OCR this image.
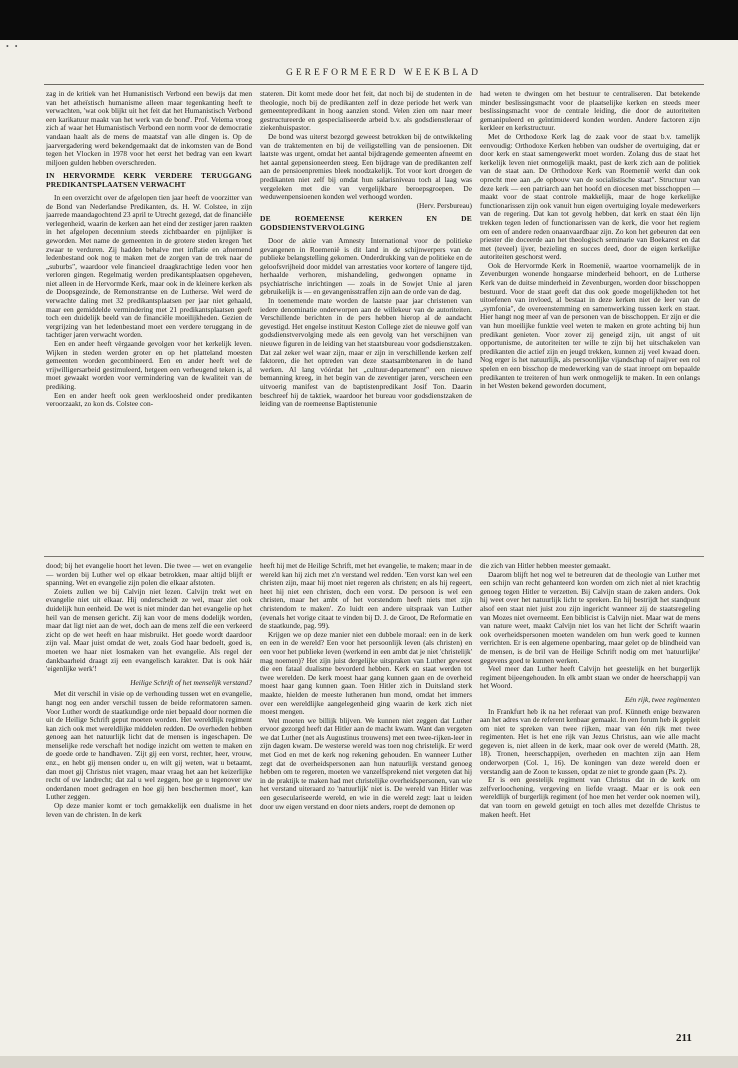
• •
GEREFORMEERD WEEKBLAD

zag in de kritiek van het Humanistisch Verbond een bewijs dat men van het atheïstisch humanisme alleen maar tegenkanting heeft te verwachten, 'wat ook blijkt uit het feit dat het Humanistisch Verbond een karikatuur maakt van het werk van de bond'. Prof. Velema vroeg zich af waar het Humanistisch Verbond een norm voor de democratie vandaan haalt als de mens de maatstaf van alle dingen is. Op de jaarvergadering werd bekendgemaakt dat de inkomsten van de Bond tegen het Vlocken in 1978 voor het eerst het bedrag van een kwart miljoen gulden hebben overschreden.

IN HERVORMDE KERK VERDERE TERUGGANG PREDIKANTSPLAATSEN VERWACHT

In een overzicht over de afgelopen tien jaar heeft de voorzitter van de Bond van Nederlandse Predikanten, ds. H. W. Colstee, in zijn jaarrede maandagochtend 23 april te Utrecht gezegd, dat de financiële verlegenheid, waarin de kerken aan het eind der zestiger jaren raakten in het afgelopen decennium steeds zichtbaarder en pijnlijker is geworden. Met name de gemeenten in de grotere steden kregen 'het zwaar te verduren. Zij hadden behalve met inflatie en afnemend ledenbestand ook nog te maken met de zorgen van de trek naar de „suburbs", waardoor vele financieel draagkrachtige leden voor hen verloren gingen. Regelmatig werden predikantsplaatsen opgeheven, niet alleen in de Hervormde Kerk, maar ook in de kleinere kerken als de Doopsgezinde, de Remonstrantse en de Lutherse. Wel werd de verwachte daling met 32 predikantsplaatsen per jaar niet gehaald, maar een gemiddelde vermindering met 21 predikantsplaatsen geeft toch een duidelijk beeld van de financiële moeilijkheden. Gezien de vergrijzing van het ledenbestand moet een verdere teruggang in de tachtiger jaren verwacht worden.

Een en ander heeft vèrgaande gevolgen voor het kerkelijk leven. Wijken in steden werden groter en op het platteland moesten gemeenten worden gecombineerd. Een en ander heeft wel de vrijwilligersarbeid gestimuleerd, hetgeen een verheugend teken is, al moet gewaakt worden voor vermindering van de kwaliteit van de prediking.

Een en ander heeft ook geen werkloosheid onder predikanten veroorzaakt, zo kon ds. Colstee con-

stateren. Dit komt mede door het feit, dat noch bij de studenten in de theologie, noch bij de predikanten zelf in deze periode het werk van gemeentepredikant in hoog aanzien stond. Velen zien om naar meer gestructureerde en gespecialiseerde arbeid b.v. als godsdienstleraar of ziekenhuispastor.

De bond was uiterst bezorgd geweest betrokken bij de ontwikkeling van de traktementen en bij de veiligstelling van de pensioenen. Dit laatste was urgent, omdat het aantal bijdragende gemeenten afneemt en het aantal gepensioneerden steeg. Een bijdrage van de predikanten zelf aan de pensioenpremies bleek noodzakelijk. Tot voor kort droegen de predikanten niet zelf bij omdat hun salarisniveau toch al laag was vergeleken met die van vergelijkbare beroepsgroepen. De weduwenpensioenen konden wel verhoogd worden.

(Herv. Persbureau)

DE ROEMEENSE KERKEN EN DE GODSDIENSTVERVOLGING

Door de aktie van Amnesty International voor de politieke gevangenen in Roemenië is dit land in de schijnwerpers van de publieke belangstelling gekomen. Onderdrukking van de politieke en de geloofsvrijheid door middel van arrestaties voor kortere of langere tijd, herhaalde verhoren, mishandeling, gedwongen opname in psychiatrische inrichtingen — zoals in de Sowjet Unie al jaren gebruikelijk is — en gevangenisstraffen zijn aan de orde van de dag.

In toenemende mate worden de laatste paar jaar christenen van iedere denominatie onderworpen aan de willekeur van de autoriteiten. Verschillende berichten in de pers hebben hierop al de aandacht gevestigd. Het engelse instituut Keston College ziet de nieuwe golf van godsdienstvervolging mede als een gevolg van het verschijnen van nieuwe figuren in de leiding van het staatsbureau voor godsdienstzaken. Dat zal zeker wel waar zijn, maar er zijn in verschillende kerken zelf faktoren, die het optreden van deze staatsambtenaren in de hand werken. Al lang vóórdat het „cultuur-departement" een nieuwe bemanning kreeg, in het begin van de zeventiger jaren, verscheen een uitvoerig manifest van de baptistenpredikant Josif Ton. Daarin beschreef hij de taktiek, waardoor het bureau voor godsdienstzaken de leiding van de roemeense Baptistenunie

had weten te dwingen om het bestuur te centraliseren. Dat betekende minder beslissingsmacht voor de plaatselijke kerken en steeds meer beslissingsmacht voor de centrale leiding, die door de autoriteiten gemanipuleerd en geïntimideerd konden worden. Andere factoren zijn kerkleer en kerkstructuur.

Met de Orthodoxe Kerk lag de zaak voor de staat b.v. tamelijk eenvoudig: Orthodoxe Kerken hebben van oudsher de overtuiging, dat er door kerk en staat samengewerkt moet worden. Zolang dus de staat het kerkelijk leven niet onmogelijk maakt, past de kerk zich aan de politiek van de staat aan. De Orthodoxe Kerk van Roemenië werkt dan ook oprecht mee aan „de opbouw van de socialistische staat". Structuur van deze kerk — een patriarch aan het hoofd en diocesen met bisschoppen — maakt voor de staat controle makkelijk, maar de hoge kerkelijke functionarissen zijn ook vanuit hun eigen overtuiging loyale medewerkers van de regering. Dat kan tot gevolg hebben, dat kerk en staat één lijn trekken tegen leden of functionarissen van de kerk, die voor het regiem om een of andere reden onaanvaardbaar zijn. Zo kon het gebeuren dat een priester die doceerde aan het theologisch seminarie van Boekarest en dat met (teveel) ijver, bezieling en succes deed, door de eigen kerkelijke autoriteiten geschorst werd.

Ook de Hervormde Kerk in Roemenië, waartoe voornamelijk de in Zevenburgen wonende hongaarse minderheid behoort, en de Lutherse Kerk van de duitse minderheid in Zevenburgen, worden door bisschoppen bestuurd. Voor de staat geeft dat dus ook goede mogelijkheden tot het uitoefenen van invloed, al bestaat in deze kerken niet de leer van de „symfonia", de overeenstemming en samenwerking tussen kerk en staat. Hier hangt nog meer af van de personen van de bisschoppen. Er zijn er die van hun moeilijke funktie veel weten te maken en grote achting bij hun predikant genieten. Voor zover zij geneigd zijn, uit angst of uit opportunisme, de autoriteiten ter wille te zijn bij het uitschakelen van predikanten die actief zijn en jeugd trekken, kunnen zij veel kwaad doen. Nog erger is het natuurlijk, als persoonlijke vijandschap of naijver een rol spelen en een bisschop de medewerking van de staat inroept om bepaalde predikanten te treiteren of hun werk onmogelijk te maken. In een onlangs in het Westen bekend geworden document,

dood; bij het evangelie hoort het leven. Die twee — wet en evangelie — worden bij Luther wel op elkaar betrokken, maar altijd blijft er spanning. Wet en evangelie zijn polen die elkaar afstoten.

Zoiets zullen we bij Calvijn niet lezen. Calvijn trekt wet en evangelie niet uit elkaar. Hij onderscheidt ze wel, maar ziet ook duidelijk hun eenheid. De wet is niet minder dan het evangelie op het heil van de mensen gericht. Zij kan voor de mens dodelijk worden, maar dat ligt niet aan de wet, doch aan de mens zelf die een verkeerd zicht op de wet heeft en haar misbruikt. Het goede wordt daardoor zijn val. Maar juist omdat de wet, zoals God haar bedoelt, goed is, moeten we haar niet losmaken van het evangelie. Als regel der dankbaarheid draagt zij een evangelisch karakter. Dat is ook háár 'eigenlijke werk'!

Heilige Schrift of het menselijk verstand?

Met dit verschil in visie op de verhouding tussen wet en evangelie, hangt nog een ander verschil tussen de beide reformatoren samen. Voor Luther wordt de staatkundige orde niet bepaald door normen die uit de Heilige Schrift geput moeten worden. Het wereldlijk regiment kan zich ook met wereldlijke middelen redden. De overheden hebben genoeg aan het natuurlijk licht dat de mensen is ingeschapen. De menselijke rede verschaft het nodige inzicht om wetten te maken en de goede orde te handhaven. 'Zijt gij een vorst, rechter, heer, vrouw, enz., en hebt gij mensen onder u, en wilt gij weten, wat u betaamt, dan moet gij Christus niet vragen, maar vraag het aan het keizerlijke recht of uw landrecht; dat zal u wel zeggen, hoe ge u tegenover uw onderdanen moet gedragen en hoe gij hen beschermen moet', kan Luther zeggen.

Op deze manier komt er toch gemakkelijk een dualisme in het leven van de christen. In de kerk

heeft hij met de Heilige Schrift, met het evangelie, te maken; maar in de wereld kan hij zich met z'n verstand wel redden. 'Een vorst kan wel een christen zijn, maar hij moet niet regeren als christen; en als hij regeert, heet hij niet een christen, doch een vorst. De persoon is wel een christen, maar het ambt of het vorstendom heeft niets met zijn christendom te maken'. Zo luidt een andere uitspraak van Luther (evenals het vorige citaat te vinden bij D. J. de Groot, De Reformatie en de staatkunde, pag. 99).

Krijgen we op deze manier niet een dubbele moraal: een in de kerk en een in de wereld? Een voor het persoonlijk leven (als christen) en een voor het publieke leven (werkend in een ambt dat je niet 'christelijk' mag noemen)? Het zijn juist dergelijke uitspraken van Luther geweest die een fataal dualisme bevorderd hebben. Kerk en staat werden tot twee werelden. De kerk moest haar gang kunnen gaan en de overheid moest haar gang kunnen gaan. Toen Hitler zich in Duitsland sterk maakte, hielden de meeste lutheranen hun mond, omdat het immers over een wereldlijke aangelegenheid ging waarin de kerk zich niet moest mengen.

Wel moeten we billijk blijven. We kunnen niet zeggen dat Luther ervoor gezorgd heeft dat Hitler aan de macht kwam. Want dan vergeten we dat Luther (net als Augustinus trouwens) met een twee-rijken-leer in zijn dagen kwam. De westerse wereld was toen nog christelijk. Er werd met God en met de kerk nog rekening gehouden. En wanneer Luther zegt dat de overheidspersonen aan hun natuurlijk verstand genoeg hebben om te regeren, moeten we vanzelfsprekend niet vergeten dat hij in de praktijk te maken had met christelijke overheidspersonen, van wie het verstand uiteraard zo 'natuurlijk' niet is. De wereld van Hitler was een geseculariseerde wereld, en wie in die wereld zegt: laat u leiden door uw eigen verstand en door niets anders, roept de demonen op

die zich van Hitler hebben meester gemaakt.

Daarom blijft het nog wel te betreuren dat de theologie van Luther met een schijn van recht gehanteerd kon worden om zich niet al niet krachtig genoeg tegen Hitler te verzetten. Bij Calvijn staan de zaken anders. Ook hij weet over het natuurlijk licht te spreken. En hij bestrijdt het standpunt alsof een staat niet juist zou zijn ingericht wanneer zij de staatsregeling van Mozes niet overneemt. Een biblicist is Calvijn niet. Maar wat de mens van nature weet, maakt Calvijn niet los van het licht der Schrift waarin ook overheidspersonen moeten wandelen om hun werk goed te kunnen verrichten. Er is een algemene openbaring, maar gelet op de blindheid van de mensen, is de bril van de Heilige Schrift nodig om met 'natuurlijke' gegevens goed te kunnen werken.

Veel meer dan Luther heeft Calvijn het geestelijk en het burgerlijk regiment bijeengehouden. In elk ambt staan we onder de heerschappij van het Woord.

Eén rijk, twee regimenten

In Frankfurt heb ik na het referaat van prof. Künneth enige bezwaren aan het adres van de referent kenbaar gemaakt. In een forum heb ik gepleit om niet te spreken van twee rijken, maar van één rijk met twee regimenten. Het is het ene rijk van Jezus Christus, aan wie alle macht gegeven is, niet alleen in de kerk, maar ook over de wereld (Matth. 28, 18). Tronen, heerschappijen, overheden en machten zijn aan Hem onderworpen (Col. 1, 16). De koningen van deze wereld doen er verstandig aan de Zoon te kussen, opdat ze niet te gronde gaan (Ps. 2).

Er is een geestelijk regiment van Christus dat in de kerk om zelfverloochening, vergeving en liefde vraagt. Maar er is ook een wereldlijk of burgerlijk regiment (of hoe men het verder ook noemen wil), dat van toorn en geweld getuigt en toch alles met dezelfde Christus te maken heeft. Het

211
